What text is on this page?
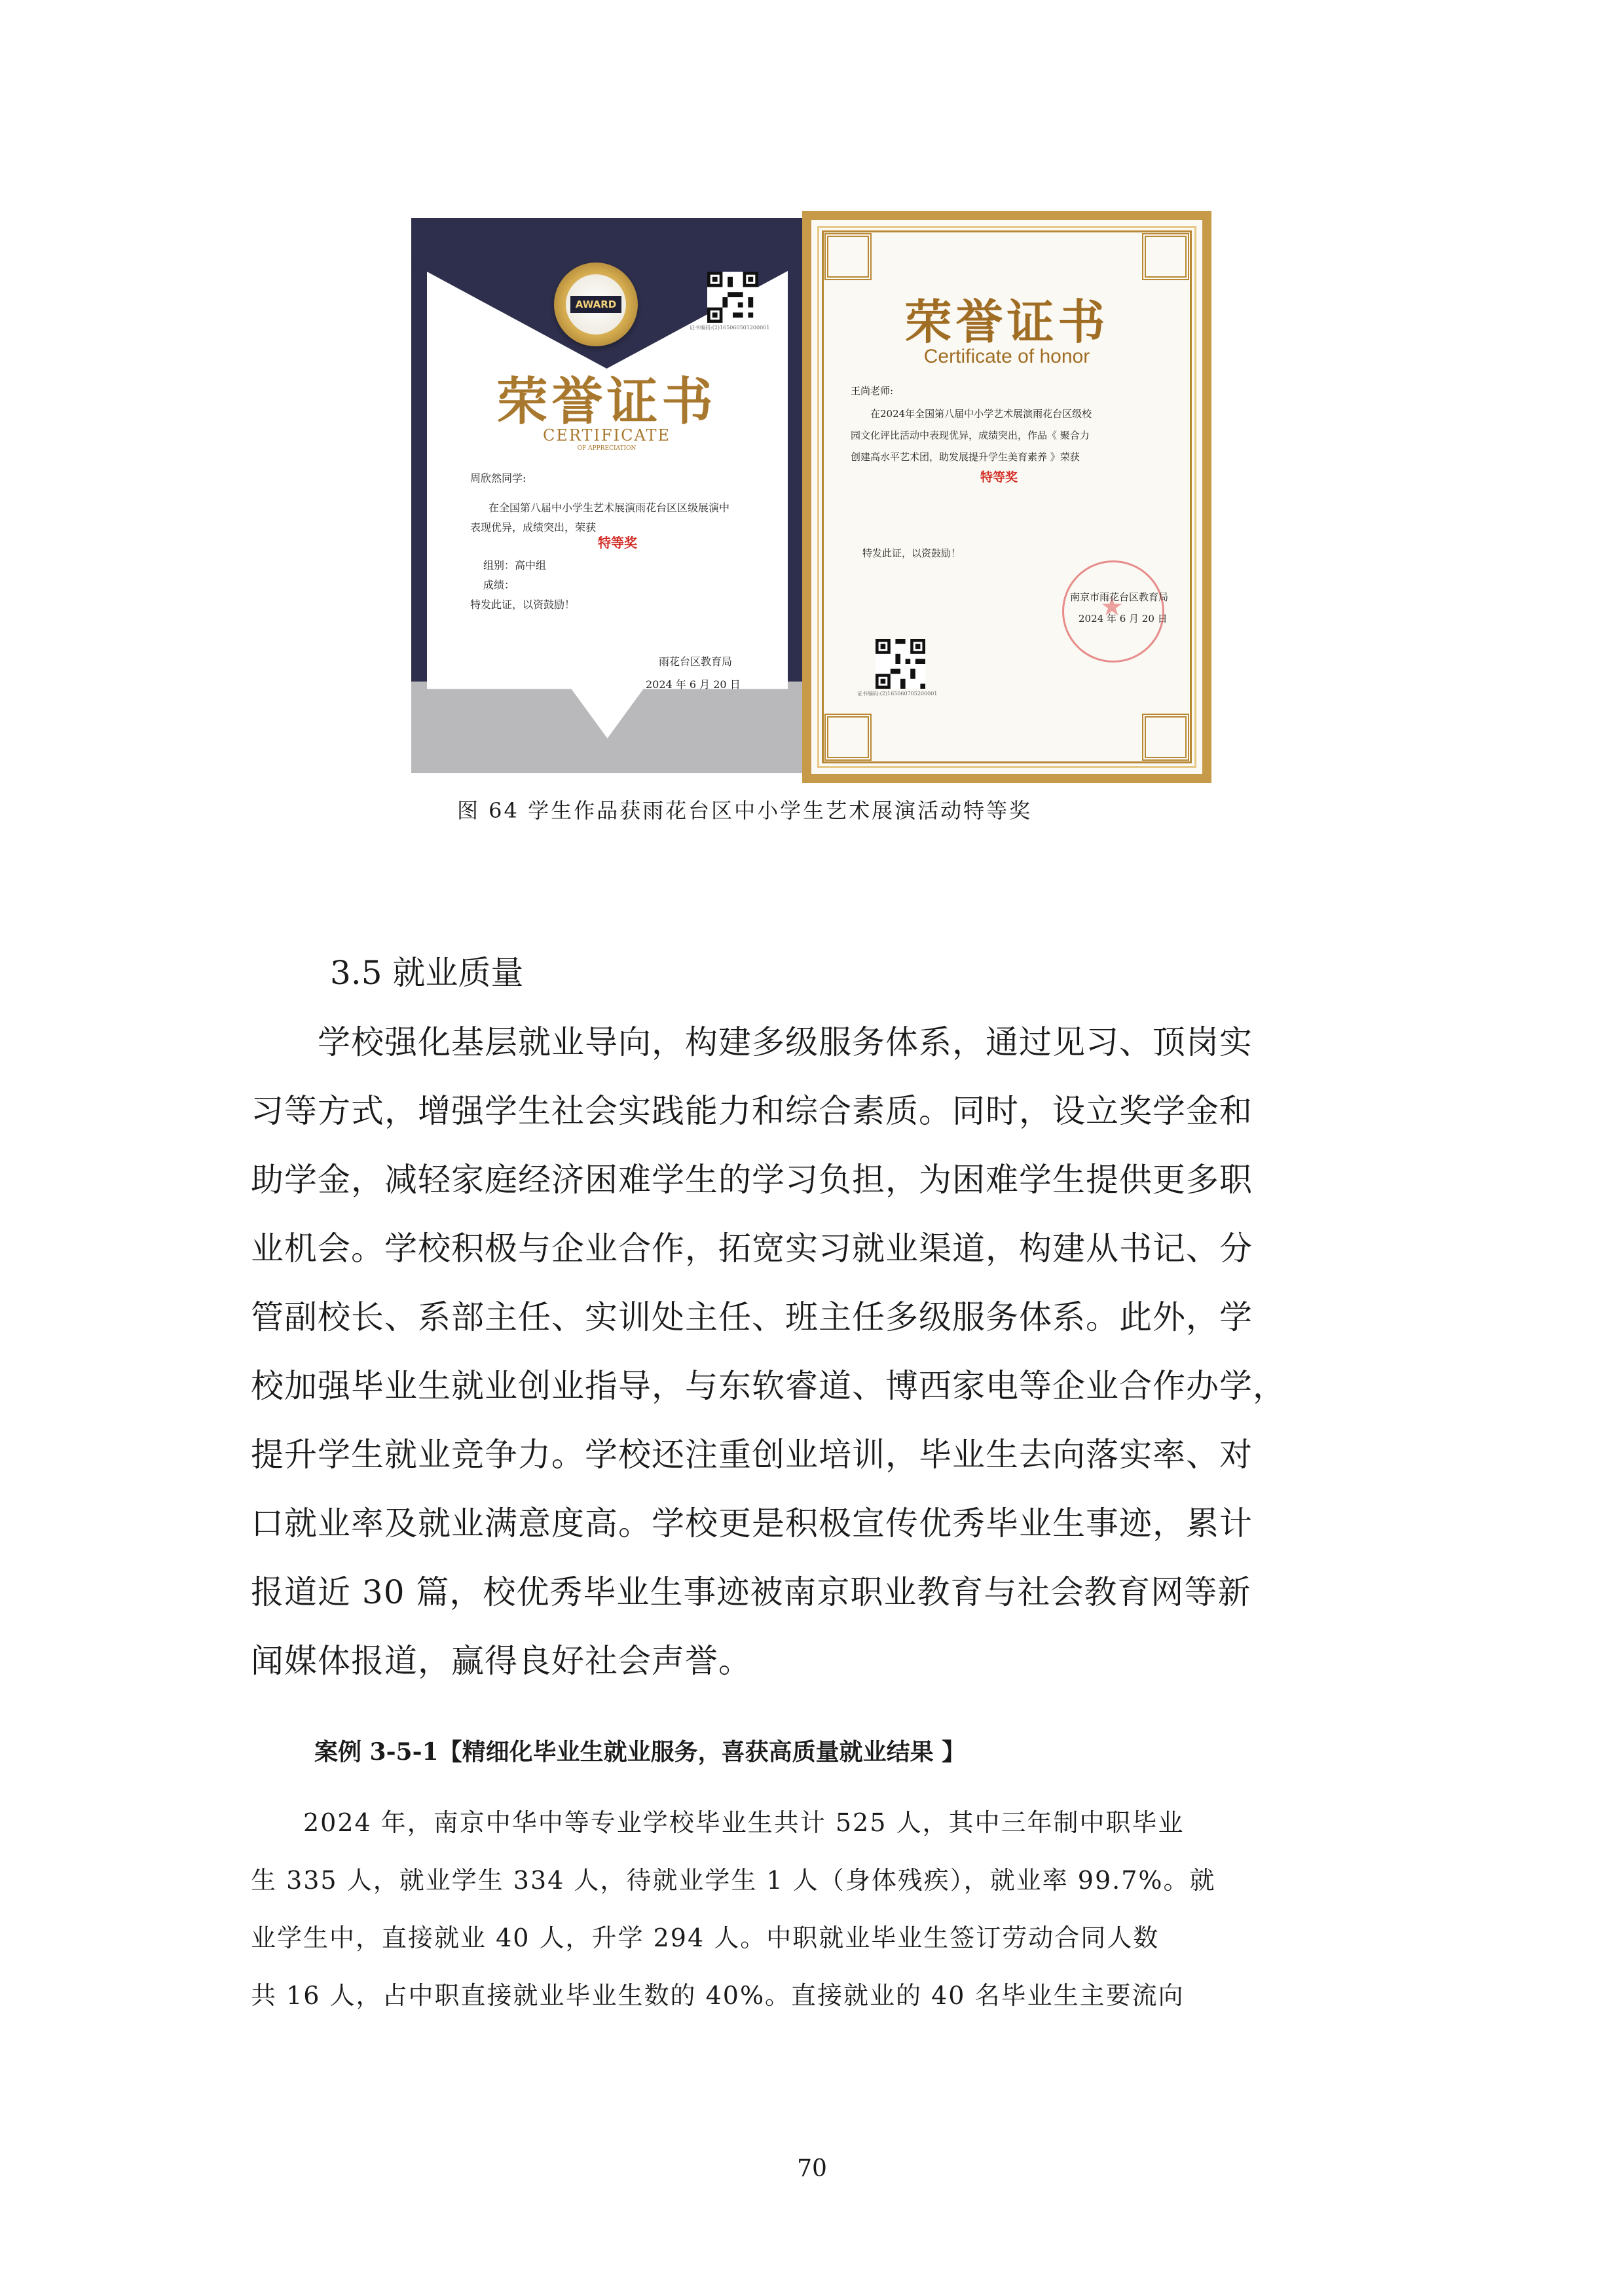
AWARD
证书编码:(2)165060501200001
荣誉证书
CERTIFICATE
OF APPRECIATION
周欣然同学:
在全国第八届中小学生艺术展演雨花台区区级展演中
表现优异，成绩突出，荣获
特等奖
组别：高中组
成绩：
特发此证，以资鼓励！
雨花台区教育局
2024 年 6 月 20 日
荣誉证书
Certificate of honor
王尚老师:
在2024年全国第八届中小学艺术展演雨花台区级校
园文化评比活动中表现优异，成绩突出，作品《 聚合力
创建高水平艺术团，助发展提升学生美育素养 》荣获
特等奖
特发此证，以资鼓励！
★
南京市雨花台区教育局
2024 年 6 月 20 日
证书编码:(2)165060705200001
图 64 学生作品获雨花台区中小学生艺术展演活动特等奖
3.5 就业质量
　　学校强化基层就业导向，构建多级服务体系，通过见习、顶岗实
习等方式，增强学生社会实践能力和综合素质。同时，设立奖学金和
助学金，减轻家庭经济困难学生的学习负担，为困难学生提供更多职
业机会。学校积极与企业合作，拓宽实习就业渠道，构建从书记、分
管副校长、系部主任、实训处主任、班主任多级服务体系。此外，学
校加强毕业生就业创业指导，与东软睿道、博西家电等企业合作办学，
提升学生就业竞争力。学校还注重创业培训，毕业生去向落实率、对
口就业率及就业满意度高。学校更是积极宣传优秀毕业生事迹，累计
报道近 30 篇，校优秀毕业生事迹被南京职业教育与社会教育网等新
闻媒体报道，赢得良好社会声誉。
案例 3-5-1【精细化毕业生就业服务，喜获高质量就业结果 】
　　2024 年，南京中华中等专业学校毕业生共计 525 人，其中三年制中职毕业
生 335 人，就业学生 334 人，待就业学生 1 人（身体残疾），就业率 99.7%。就
业学生中，直接就业 40 人，升学 294 人。中职就业毕业生签订劳动合同人数
共 16 人，占中职直接就业毕业生数的 40%。直接就业的 40 名毕业生主要流向
70
